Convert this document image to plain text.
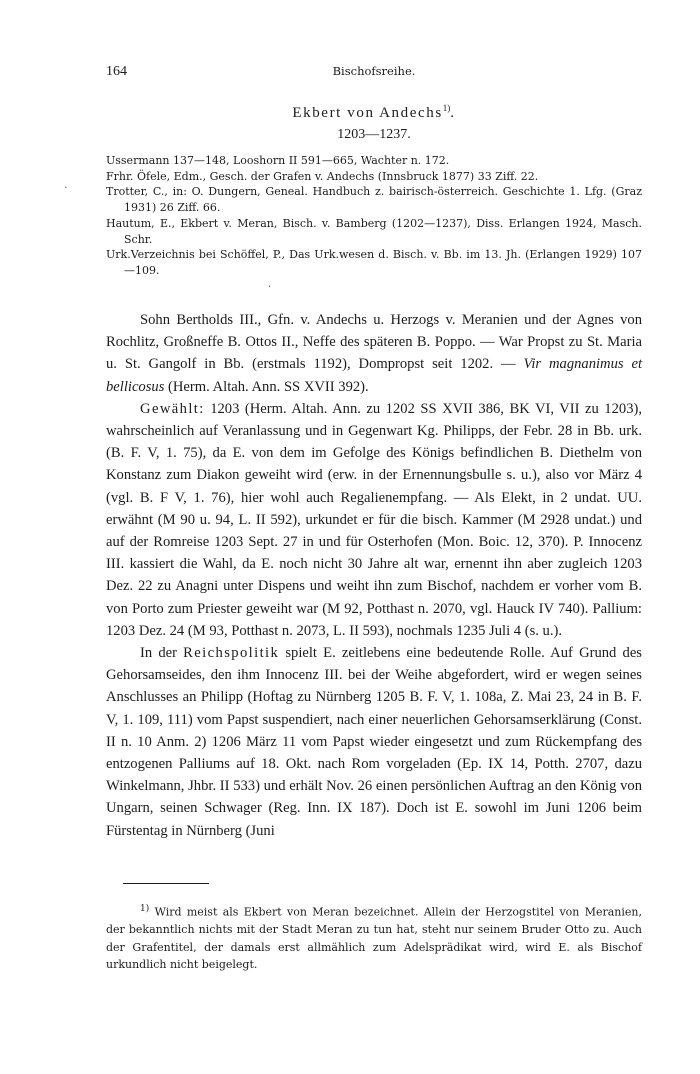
164	Bischofsreihe.
Ekbert von Andechs$^{1)}$.
1203—1237.
.

Ussermann 137—148, Looshorn II 591—665, Wachter n. 172.

Frhr. Öfele, Edm., Gesch. der Grafen v. Andechs (Innsbruck 1877) 33 Ziff. 22.

Trotter, C., in: O. Dungern, Geneal. Handbuch z. bairisch-österreich. Geschichte 1. Lfg. (Graz 1931) 26 Ziff. 66.

Hautum, E., Ekbert v. Meran, Bisch. v. Bamberg (1202—1237), Diss. Erlangen 1924, Masch. Schr.

Urk.Verzeichnis bei Schöffel, P., Das Urk.wesen d. Bisch. v. Bb. im 13. Jh. (Erlangen 1929) 107—109.

·

Sohn Bertholds III., Gfn. v. Andechs u. Herzogs v. Meranien und der Agnes von Rochlitz, Großneffe B. Ottos II., Neffe des späteren B. Poppo. — War Propst zu St. Maria u. St. Gangolf in Bb. (erstmals 1192), Dompropst seit 1202. — Vir magnanimus et bellicosus (Herm. Altah. Ann. SS XVII 392).

Gewählt: 1203 (Herm. Altah. Ann. zu 1202 SS XVII 386, BK VI, VII zu 1203), wahrscheinlich auf Veranlassung und in Gegenwart Kg. Philipps, der Febr. 28 in Bb. urk. (B. F. V, 1. 75), da E. von dem im Gefolge des Königs befindlichen B. Diethelm von Konstanz zum Diakon geweiht wird (erw. in der Ernennungsbulle s. u.), also vor März 4 (vgl. B. F V, 1. 76), hier wohl auch Regalienempfang. — Als Elekt, in 2 undat. UU. erwähnt (M 90 u. 94, L. II 592), urkundet er für die bisch. Kammer (M 2928 undat.) und auf der Romreise 1203 Sept. 27 in und für Osterhofen (Mon. Boic. 12, 370). P. Innocenz III. kassiert die Wahl, da E. noch nicht 30 Jahre alt war, ernennt ihn aber zugleich 1203 Dez. 22 zu Anagni unter Dispens und weiht ihn zum Bischof, nachdem er vorher vom B. von Porto zum Priester geweiht war (M 92, Potthast n. 2070, vgl. Hauck IV 740). Pallium: 1203 Dez. 24 (M 93, Potthast n. 2073, L. II 593), nochmals 1235 Juli 4 (s. u.).

In der Reichspolitik spielt E. zeitlebens eine bedeutende Rolle. Auf Grund des Gehorsamseides, den ihm Innocenz III. bei der Weihe abgefordert, wird er wegen seines Anschlusses an Philipp (Hoftag zu Nürnberg 1205 B. F. V, 1. 108a, Z. Mai 23, 24 in B. F. V, 1. 109, 111) vom Papst suspendiert, nach einer neuerlichen Gehorsamserklärung (Const. II n. 10 Anm. 2) 1206 März 11 vom Papst wieder eingesetzt und zum Rückempfang des entzogenen Palliums auf 18. Okt. nach Rom vorgeladen (Ep. IX 14, Potth. 2707, dazu Winkelmann, Jhbr. II 533) und erhält Nov. 26 einen persönlichen Auftrag an den König von Ungarn, seinen Schwager (Reg. Inn. IX 187). Doch ist E. sowohl im Juni 1206 beim Fürstentag in Nürnberg (Juni

$^{1)}$ Wird meist als Ekbert von Meran bezeichnet. Allein der Herzogstitel von Meranien, der bekanntlich nichts mit der Stadt Meran zu tun hat, steht nur seinem Bruder Otto zu. Auch der Grafentitel, der damals erst allmählich zum Adelsprädikat wird, wird E. als Bischof urkundlich nicht beigelegt.
